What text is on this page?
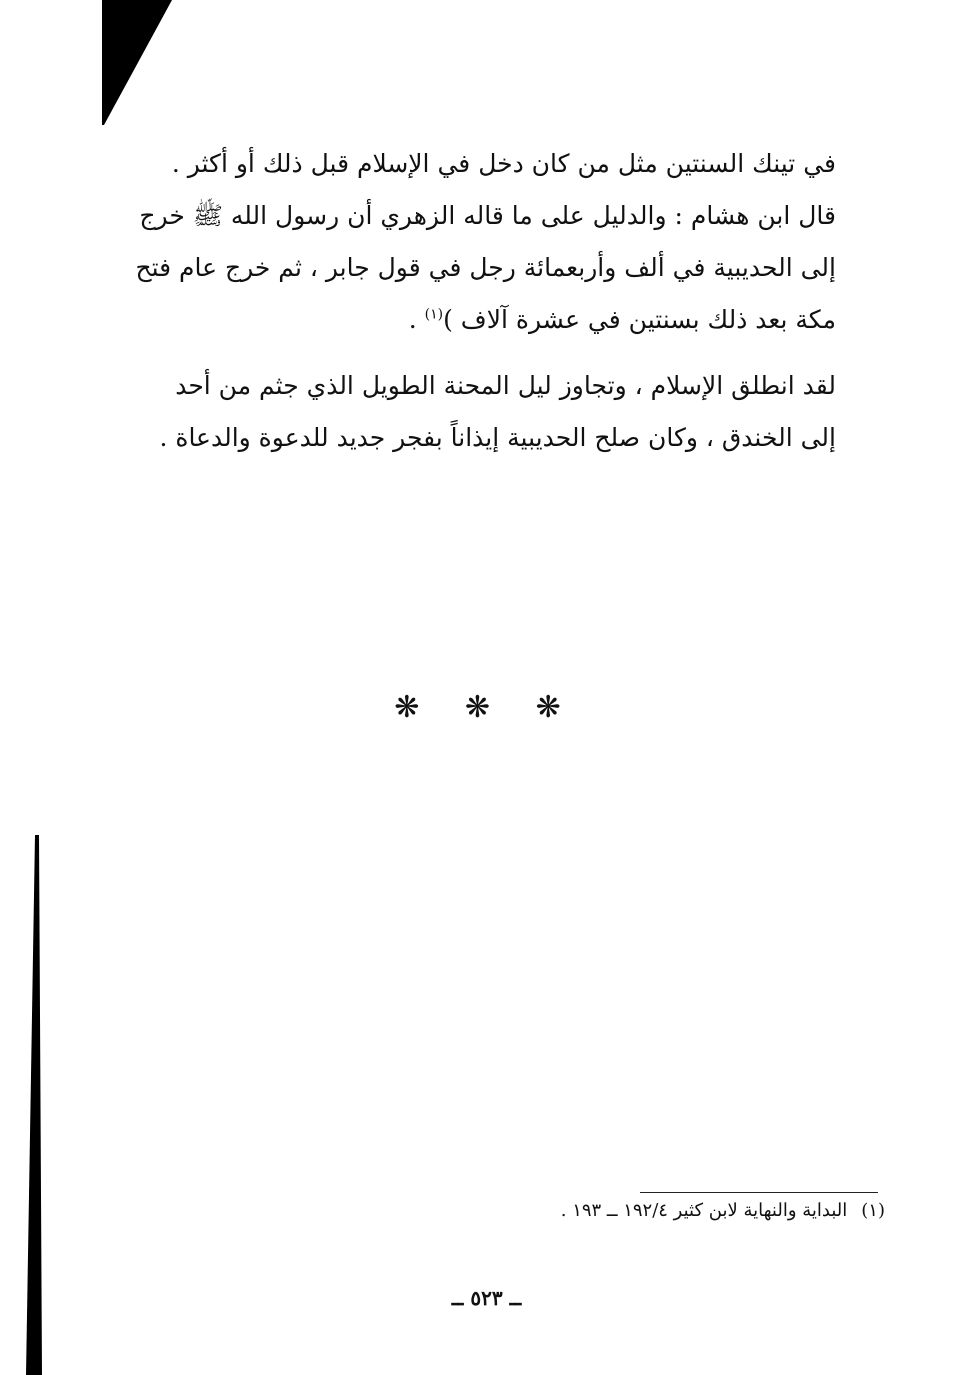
في تينك السنتين مثل من كان دخل في الإسلام قبل ذلك أو أكثر .
قال ابن هشام : والدليل على ما قاله الزهري أن رسول الله ﷺ خرج
إلى الحديبية في ألف وأربعمائة رجل في قول جابر ، ثم خرج عام فتح
مكة بعد ذلك بسنتين في عشرة آلاف )$^{(١)}$ .
لقد انطلق الإسلام ، وتجاوز ليل المحنة الطويل الذي جثم من أحد
إلى الخندق ، وكان صلح الحديبية إيذاناً بفجر جديد للدعوة والدعاة .
❋ ❋ ❋
(١)البداية والنهاية لابن كثير ١٩٢/٤ ــ ١٩٣ .
ــ ٥٢٣ ــ
